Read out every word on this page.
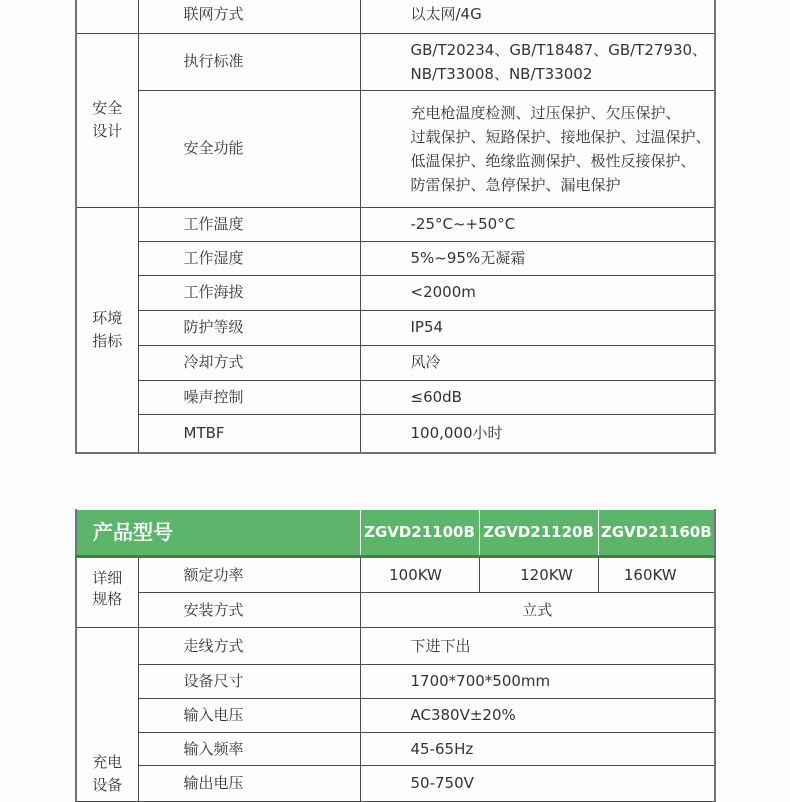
	联网方式	以太网/4G
安全
设计	执行标准	GB/T20234、GB/T18487、GB/T27930、
NB/T33008、NB/T33002
	安全功能	充电枪温度检测、过压保护、欠压保护、
过载保护、短路保护、接地保护、过温保护、
低温保护、绝缘监测保护、极性反接保护、
防雷保护、急停保护、漏电保护
环境
指标	工作温度	-25°C~+50°C
	工作湿度	5%~95%无凝霜
	工作海拔	<2000m
	防护等级	IP54
	冷却方式	风冷
	噪声控制	≤60dB
	MTBF	100,000小时
产品型号		ZGVD21100B	ZGVD21120B	ZGVD21160B
详细
规格	额定功率	100KW	120KW	160KW
	安装方式	立式		
充电
设备	走线方式	下进下出		
	设备尺寸	1700*700*500mm		
	输入电压	AC380V±20%		
	输入频率	45-65Hz		
	输出电压	50-750V		
